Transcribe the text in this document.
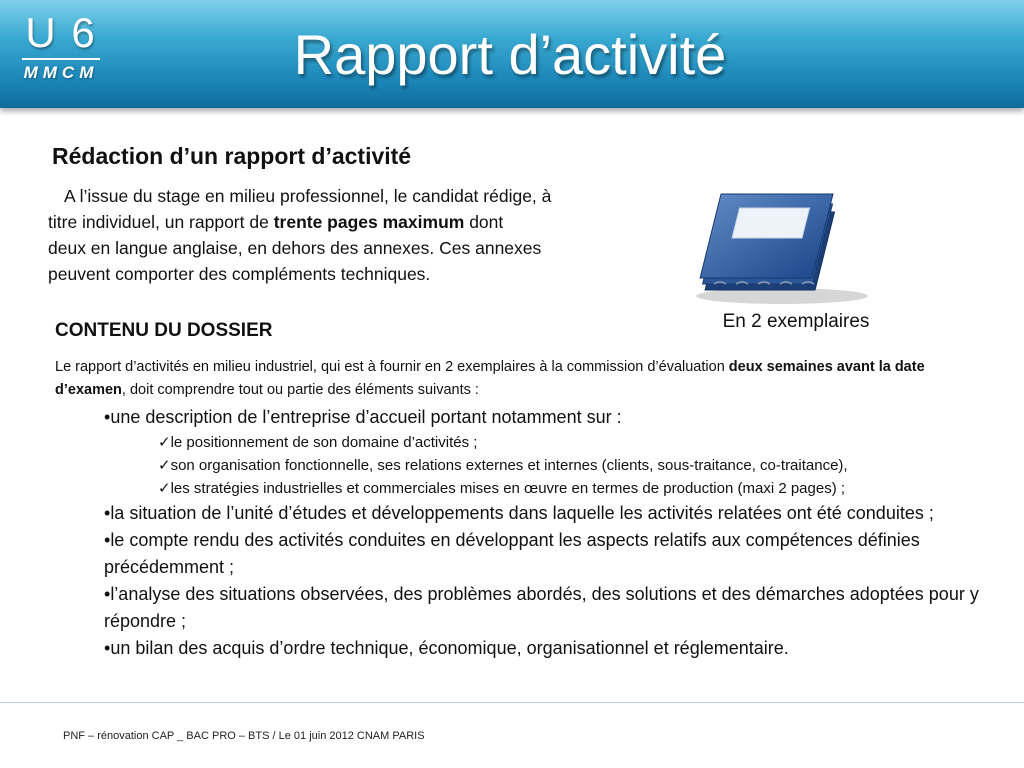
U 6
MMCM	Rapport d’activité
Rédaction d’un rapport d’activité
A l’issue du stage en milieu professionnel, le candidat rédige, à
titre individuel, un rapport de trente pages maximum dont
deux en langue anglaise, en dehors des annexes. Ces annexes
peuvent comporter des compléments techniques.
En 2 exemplaires
CONTENU DU DOSSIER

Le rapport d’activités en milieu industriel, qui est à fournir en 2 exemplaires à la commission d’évaluation deux semaines avant la date d’examen, doit comprendre tout ou partie des éléments suivants :

•une description de l’entreprise d’accueil portant notamment sur :

✓le positionnement de son domaine d’activités ;

✓son organisation fonctionnelle, ses relations externes et internes (clients, sous-traitance, co-traitance),

✓les stratégies industrielles et commerciales mises en œuvre en termes de production (maxi 2 pages) ;

•la situation de l’unité d’études et développements dans laquelle les activités relatées ont été conduites ;

•le compte rendu des activités conduites en développant les aspects relatifs aux compétences définies précédemment ;

•l’analyse des situations observées, des problèmes abordés, des solutions et des démarches adoptées pour y répondre ;

•un bilan des acquis d’ordre technique, économique, organisationnel et réglementaire.

PNF – rénovation CAP _ BAC PRO – BTS / Le 01 juin 2012 CNAM PARIS
